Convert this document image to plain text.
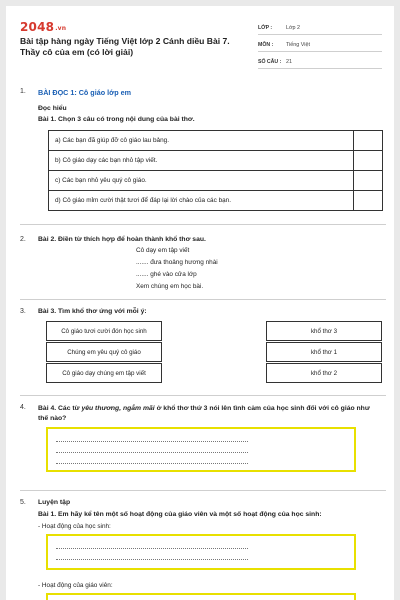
2048.vn
Bài tập hàng ngày Tiếng Việt lớp 2 Cánh diều Bài 7. Thầy cô của em (có lời giải)
LỚP :	Lớp 2
MÔN :	Tiếng Việt
SỐ CÂU : 21
1. BÀI ĐỌC 1: Cô giáo lớp em
Đọc hiểu
Bài 1. Chọn 3 câu có trong nội dung của bài thơ.
a) Các bạn đã giúp đỡ cô giáo lau bảng.	
b) Cô giáo dạy các bạn nhỏ tập viết.	
c) Các bạn nhỏ yêu quý cô giáo.	
d) Cô giáo mỉm cười thật tươi để đáp lại lời chào của các bạn.	
2. Bài 2. Điền từ thích hợp để hoàn thành khổ thơ sau.
Cô dạy em tập viết
....... đưa thoảng hương nhài
....... ghé vào cửa lớp
Xem chúng em học bài.
3. Bài 3. Tìm khổ thơ ứng với mỗi ý:
Cô giáo tươi cười đón học sinh
Chúng em yêu quý cô giáo
Cô giáo dạy chúng em tập viết
khổ thơ 3
khổ thơ 1
khổ thơ 2
4. Bài 4. Các từ yêu thương, ngắm mãi ở khổ thơ thứ 3 nói lên tình cảm của học sinh đối với cô giáo như thế nào?
5. Luyện tập
Bài 1. Em hãy kể tên một số hoạt động của giáo viên và một số hoạt động của học sinh:
- Hoạt động của học sinh:
- Hoạt động của giáo viên:
